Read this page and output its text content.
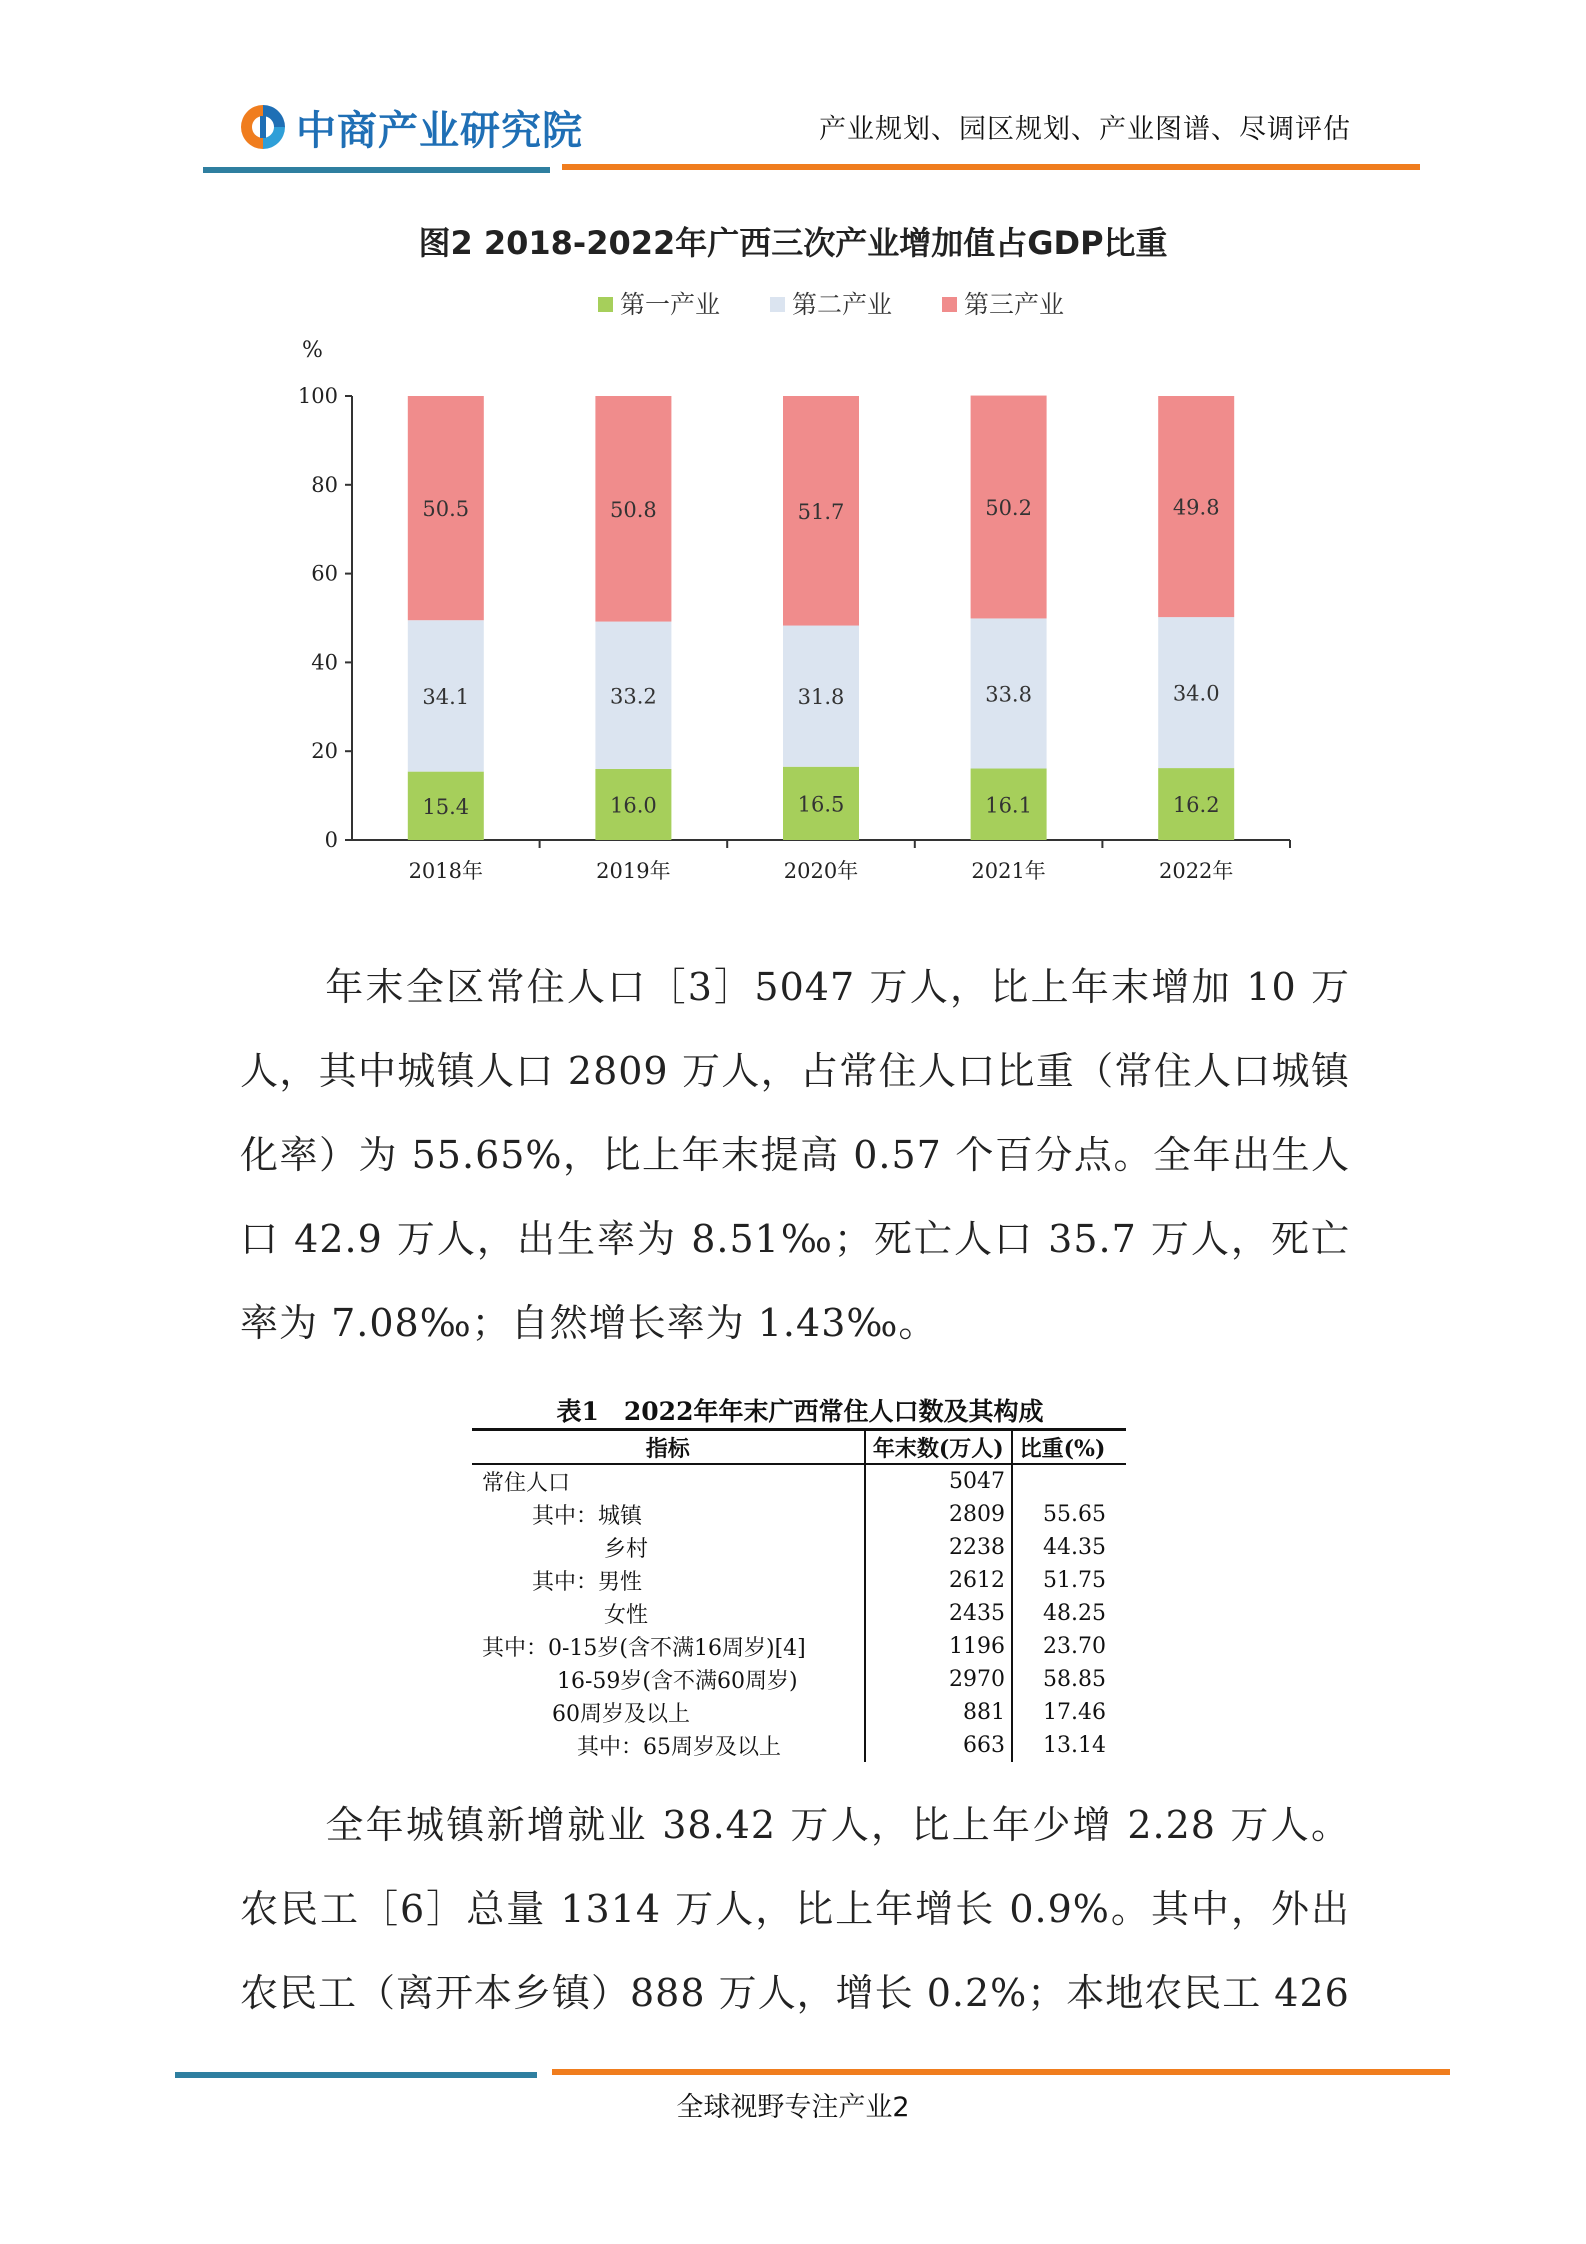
中商产业研究院	产业规划、园区规划、产业图谱、尽调评估
图2 2018-2022年广西三次产业增加值占GDP比重
第一产业	第二产业	第三产业
%
0
20
40
60
80
100
15.4
34.1
50.5
2018年
16.0
33.2
50.8
2019年
16.5
31.8
51.7
2020年
16.1
33.8
50.2
2021年
16.2
34.0
49.8
2022年
年末全区常住人口［3］5047 万人，比上年末增加 10 万人，其中城镇人口 2809 万人，占常住人口比重（常住人口城镇化率）为 55.65%，比上年末提高 0.57 个百分点。全年出生人口 42.9 万人，出生率为 8.51‰；死亡人口 35.7 万人，死亡率为 7.08‰；自然增长率为 1.43‰。
表1　2022年年末广西常住人口数及其构成
指标	年末数(万人)	比重(%)
常住人口	5047	
其中：城镇	2809	55.65
乡村	2238	44.35
其中：男性	2612	51.75
女性	2435	48.25
其中：0-15岁(含不满16周岁)[4]	1196	23.70
16-59岁(含不满60周岁)	2970	58.85
60周岁及以上	881	17.46
其中：65周岁及以上	663	13.14
全年城镇新增就业 38.42 万人，比上年少增 2.28 万人。农民工［6］总量 1314 万人，比上年增长 0.9%。其中，外出农民工（离开本乡镇）888 万人，增长 0.2%；本地农民工 426
全球视野专注产业2
